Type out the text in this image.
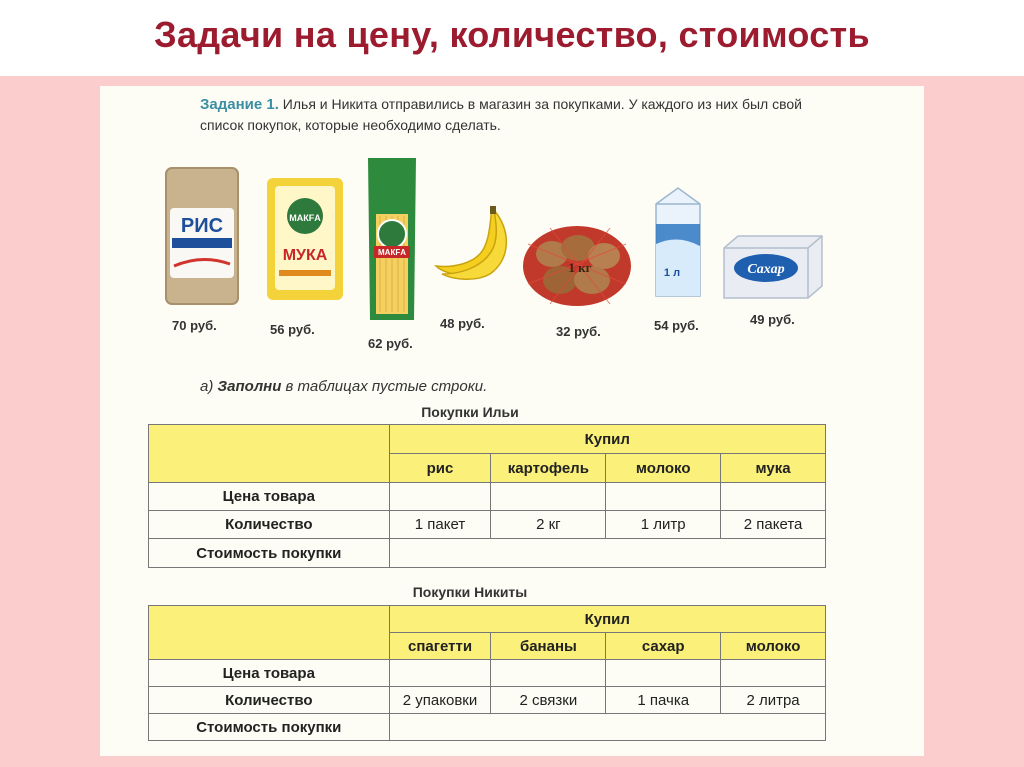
Задачи на цену, количество, стоимость
Задание 1. Илья и Никита отправились в магазин за покупками. У каждого из них был свой список покупок, которые необходимо сделать.
РИС
70 руб.
МАКFА
МУКА
56 руб.
МАКFА
62 руб.
48 руб.
1 кг
32 руб.
1 л
54 руб.
Сахар
49 руб.
а) Заполни в таблицах пустые строки.
Покупки Ильи
	Купил			
	рис	картофель	молоко	мука
Цена товара				
Количество	1 пакет	2 кг	1 литр	2 пакета
Стоимость покупки				
Покупки Никиты
	Купил			
	спагетти	бананы	сахар	молоко
Цена товара				
Количество	2 упаковки	2 связки	1 пачка	2 литра
Стоимость покупки				
